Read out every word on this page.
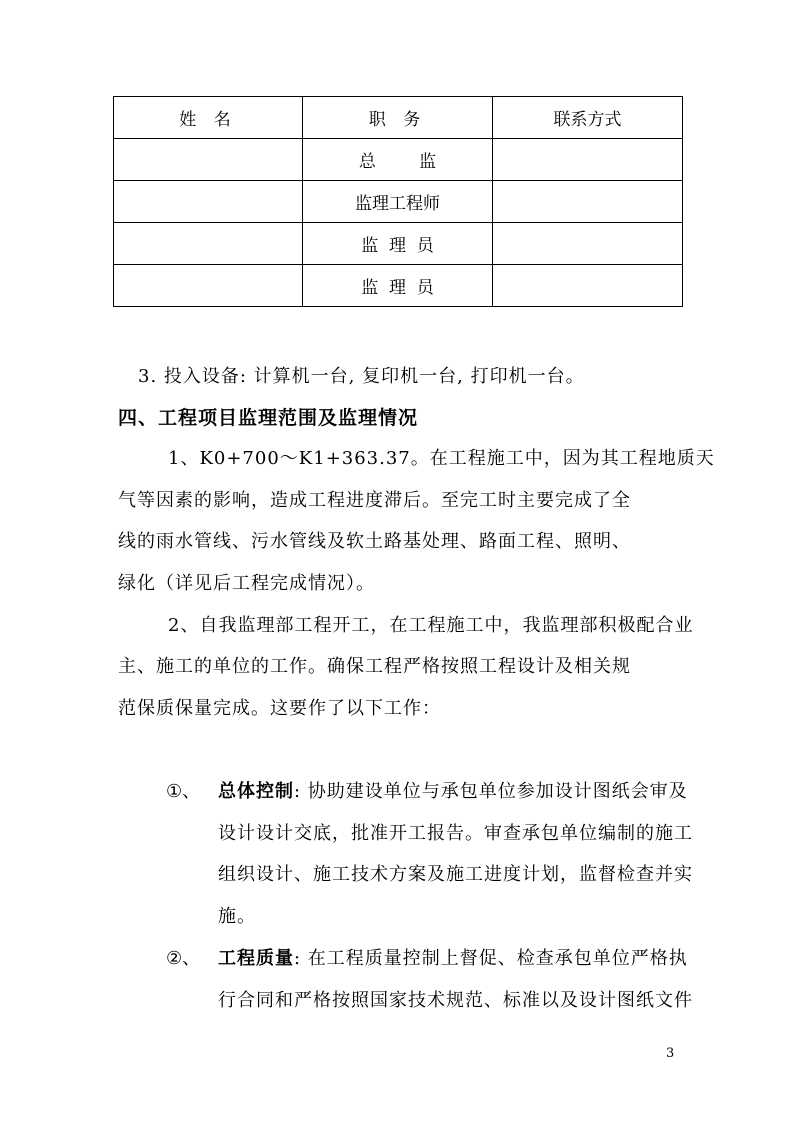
姓 名	职 务	联系方式
	总        监	
	监理工程师	
	监  理  员	
	监  理  员	
3. 投入设备: 计算机一台, 复印机一台, 打印机一台。
四、工程项目监理范围及监理情况
1、K0+700～K1+363.37。在工程施工中，因为其工程地质天
气等因素的影响，造成工程进度滞后。至完工时主要完成了全
线的雨水管线、污水管线及软土路基处理、路面工程、照明、
绿化（详见后工程完成情况）。
2、自我监理部工程开工，在工程施工中，我监理部积极配合业
主、施工的单位的工作。确保工程严格按照工程设计及相关规
范保质保量完成。这要作了以下工作：
①、 总体控制: 协助建设单位与承包单位参加设计图纸会审及
设计设计交底，批准开工报告。审查承包单位编制的施工
组织设计、施工技术方案及施工进度计划，监督检查并实
施。
②、 工程质量: 在工程质量控制上督促、检查承包单位严格执
行合同和严格按照国家技术规范、标准以及设计图纸文件
3
